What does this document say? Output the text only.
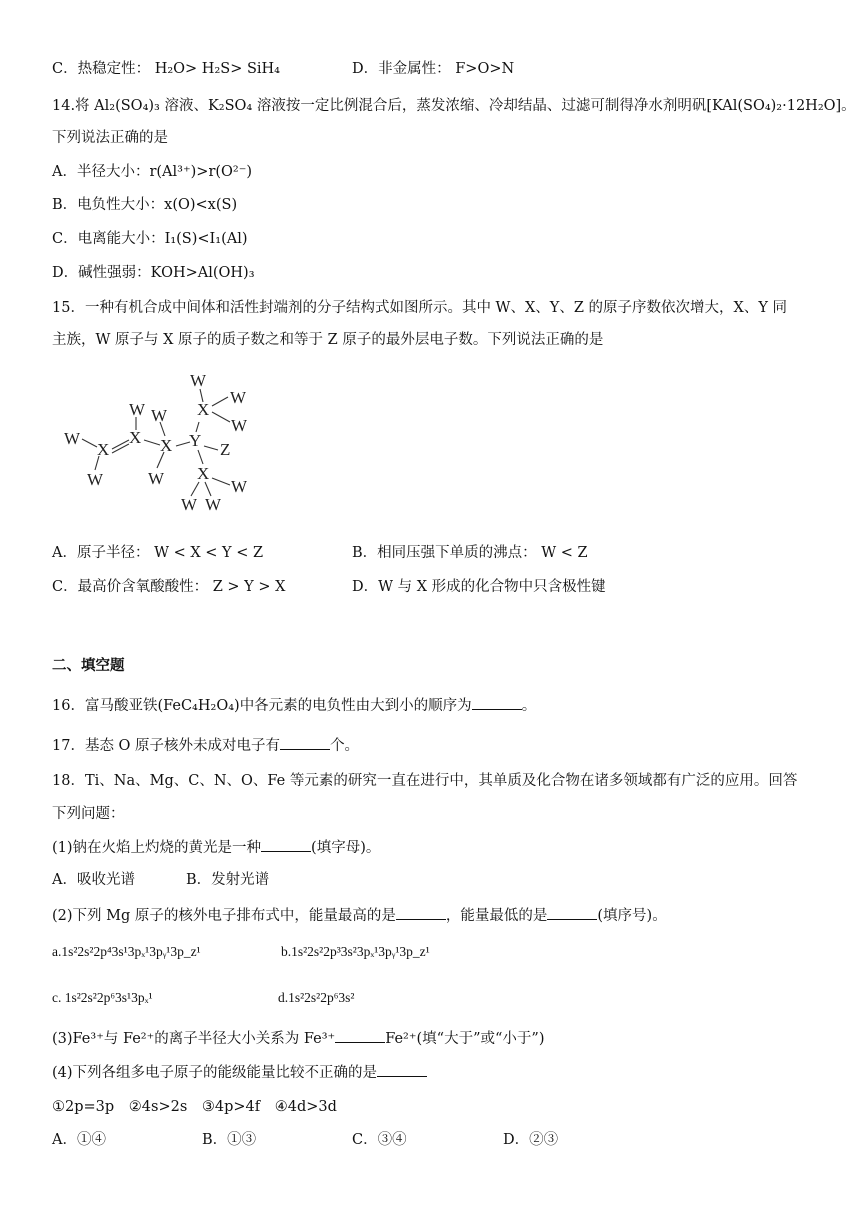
C．热稳定性： H₂O> H₂S> SiH₄	D．非金属性： F>O>N
14.将 Al₂(SO₄)₃ 溶液、K₂SO₄ 溶液按一定比例混合后，蒸发浓缩、冷却结晶、过滤可制得净水剂明矾[KAl(SO₄)₂·12H₂O]。
下列说法正确的是
A．半径大小：r(Al³⁺)>r(O²⁻)
B．电负性大小：x(O)<x(S)
C．电离能大小：I₁(S)<I₁(Al)
D．碱性强弱：KOH>Al(OH)₃
15．一种有机合成中间体和活性封端剂的分子结构式如图所示。其中 W、X、Y、Z 的原子序数依次增大，X、Y 同
主族，W 原子与 X 原子的质子数之和等于 Z 原子的最外层电子数。下列说法正确的是
W
X
W
W
X
W
X
W
W
X
W
W
Y Z
X
W
W W
A．原子半径： W < X < Y < Z	B．相同压强下单质的沸点： W < Z
C．最高价含氧酸酸性： Z > Y > X	D．W 与 X 形成的化合物中只含极性键
二、填空题
16．富马酸亚铁(FeC₄H₂O₄)中各元素的电负性由大到小的顺序为	。
17．基态 O 原子核外未成对电子有	个。
18．Ti、Na、Mg、C、N、O、Fe 等元素的研究一直在进行中，其单质及化合物在诸多领域都有广泛的应用。回答
下列问题：
(1)钠在火焰上灼烧的黄光是一种	(填字母)。
A．吸收光谱	B．发射光谱
(2)下列 Mg 原子的核外电子排布式中，能量最高的是	，能量最低的是	(填序号)。
a.1s²2s²2p⁴3s¹3pₓ¹3pᵧ¹3p_z¹	b.1s²2s²2p³3s²3pₓ¹3pᵧ¹3p_z¹
c. 1s²2s²2p⁶3s¹3pₓ¹	d.1s²2s²2p⁶3s²
(3)Fe³⁺与 Fe²⁺的离子半径大小关系为 Fe³⁺	Fe²⁺(填“大于”或“小于”)
(4)下列各组多电子原子的能级能量比较不正确的是
①2p=3p ②4s>2s ③4p>4f ④4d>3d
A．①④	B．①③	C．③④	D．②③
